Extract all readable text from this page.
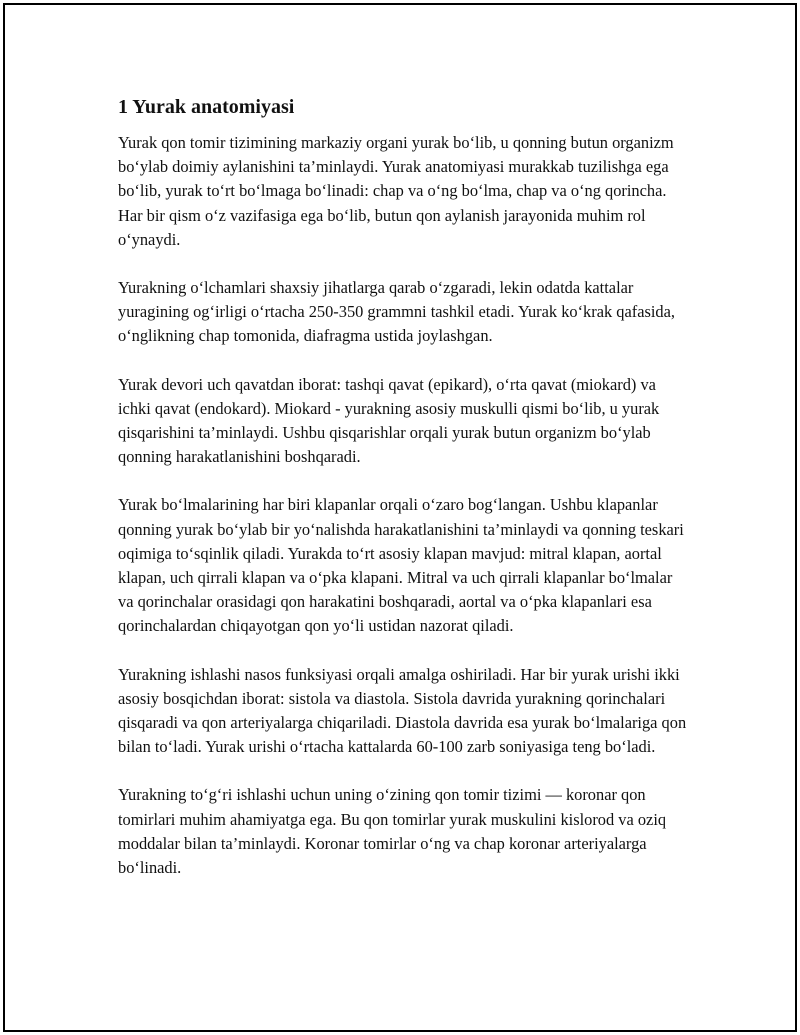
1 Yurak anatomiyasi

Yurak qon tomir tizimining markaziy organi yurak bo‘lib, u qonning butun organizm bo‘ylab doimiy aylanishini ta’minlaydi. Yurak anatomiyasi murakkab tuzilishga ega bo‘lib, yurak to‘rt bo‘lmaga bo‘linadi: chap va o‘ng bo‘lma, chap va o‘ng qorincha. Har bir qism o‘z vazifasiga ega bo‘lib, butun qon aylanish jarayonida muhim rol o‘ynaydi.

Yurakning o‘lchamlari shaxsiy jihatlarga qarab o‘zgaradi, lekin odatda kattalar yuragining og‘irligi o‘rtacha 250-350 grammni tashkil etadi. Yurak ko‘krak qafasida, o‘nglikning chap tomonida, diafragma ustida joylashgan.

Yurak devori uch qavatdan iborat: tashqi qavat (epikard), o‘rta qavat (miokard) va ichki qavat (endokard). Miokard - yurakning asosiy muskulli qismi bo‘lib, u yurak qisqarishini ta’minlaydi. Ushbu qisqarishlar orqali yurak butun organizm bo‘ylab qonning harakatlanishini boshqaradi.

Yurak bo‘lmalarining har biri klapanlar orqali o‘zaro bog‘langan. Ushbu klapanlar qonning yurak bo‘ylab bir yo‘nalishda harakatlanishini ta’minlaydi va qonning teskari oqimiga to‘sqinlik qiladi. Yurakda to‘rt asosiy klapan mavjud: mitral klapan, aortal klapan, uch qirrali klapan va o‘pka klapani. Mitral va uch qirrali klapanlar bo‘lmalar va qorinchalar orasidagi qon harakatini boshqaradi, aortal va o‘pka klapanlari esa qorinchalardan chiqayotgan qon yo‘li ustidan nazorat qiladi.

Yurakning ishlashi nasos funksiyasi orqali amalga oshiriladi. Har bir yurak urishi ikki asosiy bosqichdan iborat: sistola va diastola. Sistola davrida yurakning qorinchalari qisqaradi va qon arteriyalarga chiqariladi. Diastola davrida esa yurak bo‘lmalariga qon bilan to‘ladi. Yurak urishi o‘rtacha kattalarda 60-100 zarb soniyasiga teng bo‘ladi.

Yurakning to‘g‘ri ishlashi uchun uning o‘zining qon tomir tizimi — koronar qon tomirlari muhim ahamiyatga ega. Bu qon tomirlar yurak muskulini kislorod va oziq moddalar bilan ta’minlaydi. Koronar tomirlar o‘ng va chap koronar arteriyalarga bo‘linadi.
